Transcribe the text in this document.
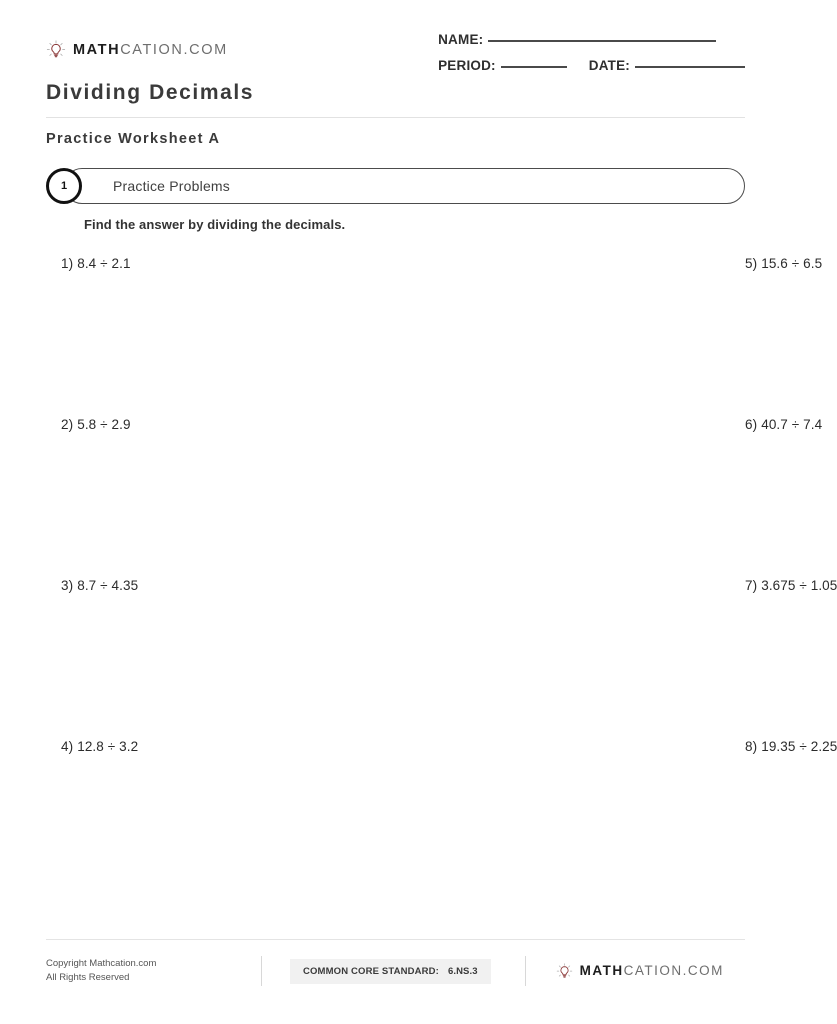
MATHCATION.COM
NAME:
PERIOD:	DATE:
Dividing Decimals
Practice Worksheet A
Practice Problems
1
Find the answer by dividing the decimals.
1) 8.4 ÷ 2.1	5) 15.6 ÷ 6.5
2) 5.8 ÷ 2.9	6) 40.7 ÷ 7.4
3) 8.7 ÷ 4.35	7) 3.675 ÷ 1.05
4) 12.8 ÷ 3.2	8) 19.35 ÷ 2.25
Copyright Mathcation.com
All Rights Reserved
COMMON CORE STANDARD: 6.NS.3	MATHCATION.COM
